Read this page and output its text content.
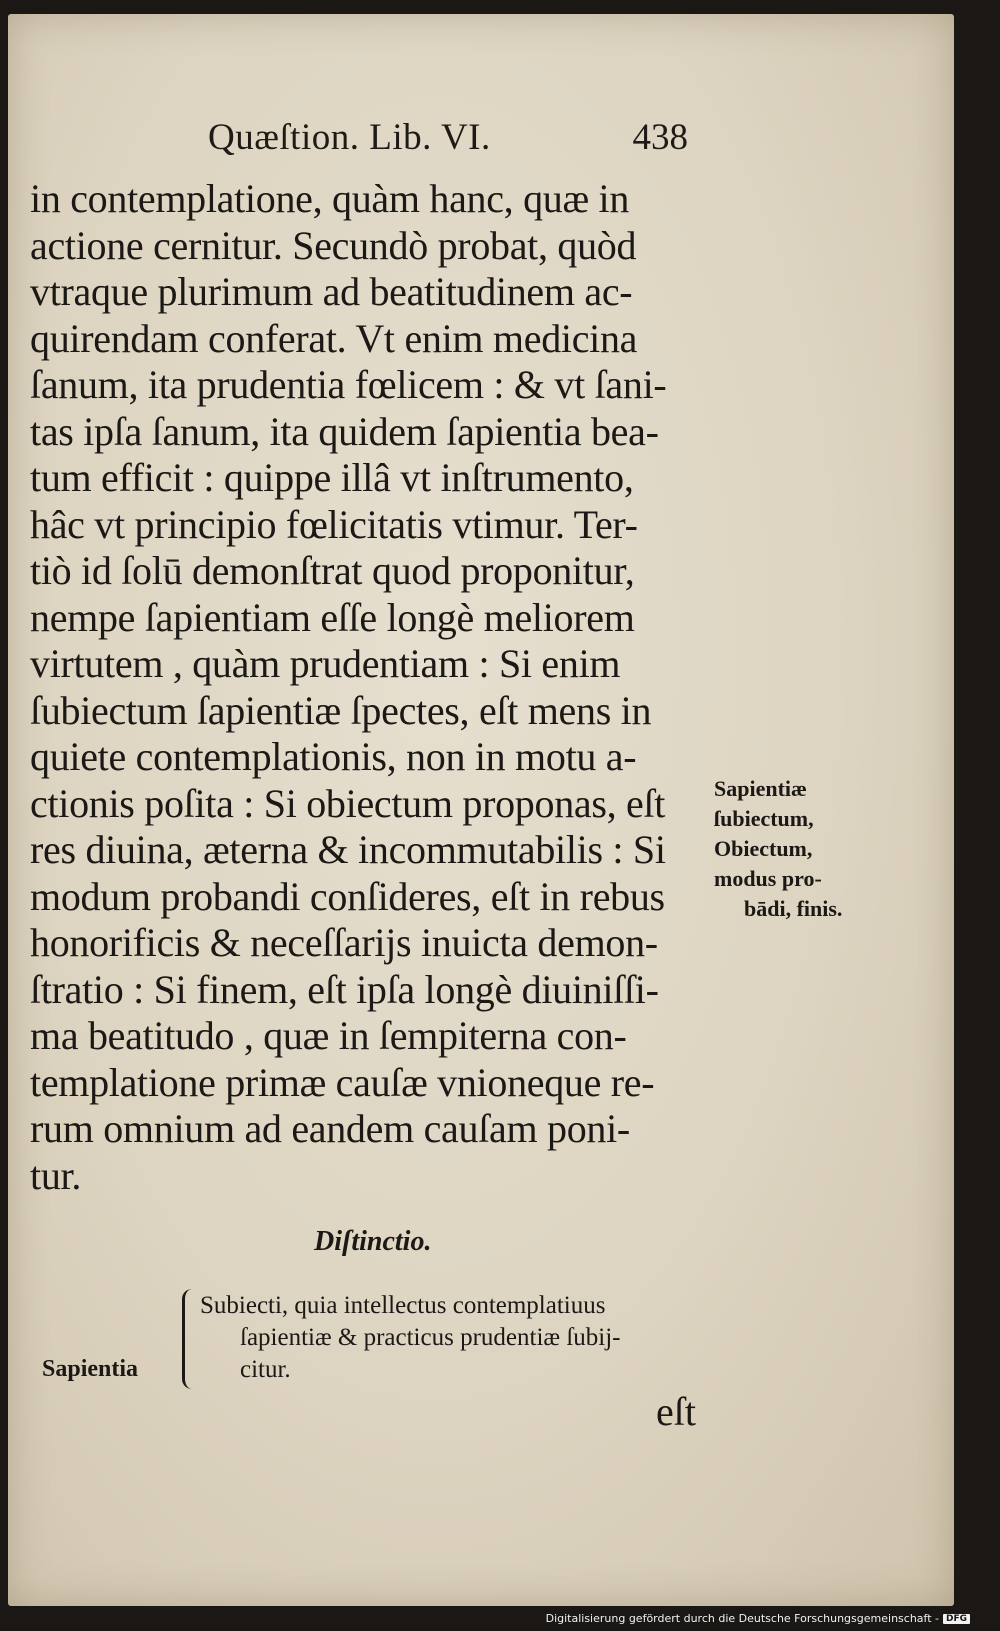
Quæſtion. Lib. VI.	438
in contemplatione, quàm hanc, quæ in
actione cernitur. Secundò probat, quòd
vtraque plurimum ad beatitudinem ac-
quirendam conferat. Vt enim medicina
ſanum, ita prudentia fœlicem : & vt ſani-
tas ipſa ſanum, ita quidem ſapientia bea-
tum efficit : quippe illâ vt inſtrumento,
hâc vt principio fœlicitatis vtimur. Ter-
tiò id ſolū demonſtrat quod proponitur,
nempe ſapientiam eſſe longè meliorem
virtutem , quàm prudentiam : Si enim
ſubiectum ſapientiæ ſpectes, eſt mens in
quiete contemplationis, non in motu a-
ctionis poſita : Si obiectum proponas, eſt
res diuina, æterna & incommutabilis : Si
modum probandi conſideres, eſt in rebus
honorificis & neceſſarijs inuicta demon-
ſtratio : Si finem, eſt ipſa longè diuiniſſi-
ma beatitudo , quæ in ſempiterna con-
templatione primæ cauſæ vnioneque re-
rum omnium ad eandem cauſam poni-
tur.
Sapientiæ
ſubiectum,
Obiectum,
modus pro-
bādi, finis.
Diſtinctio.
Sapientia
Subiecti, quia intellectus contemplatiuus
ſapientiæ & practicus prudentiæ ſubij-
citur.
eſt
Digitalisierung gefördert durch die Deutsche Forschungsgemeinschaft - DFG
